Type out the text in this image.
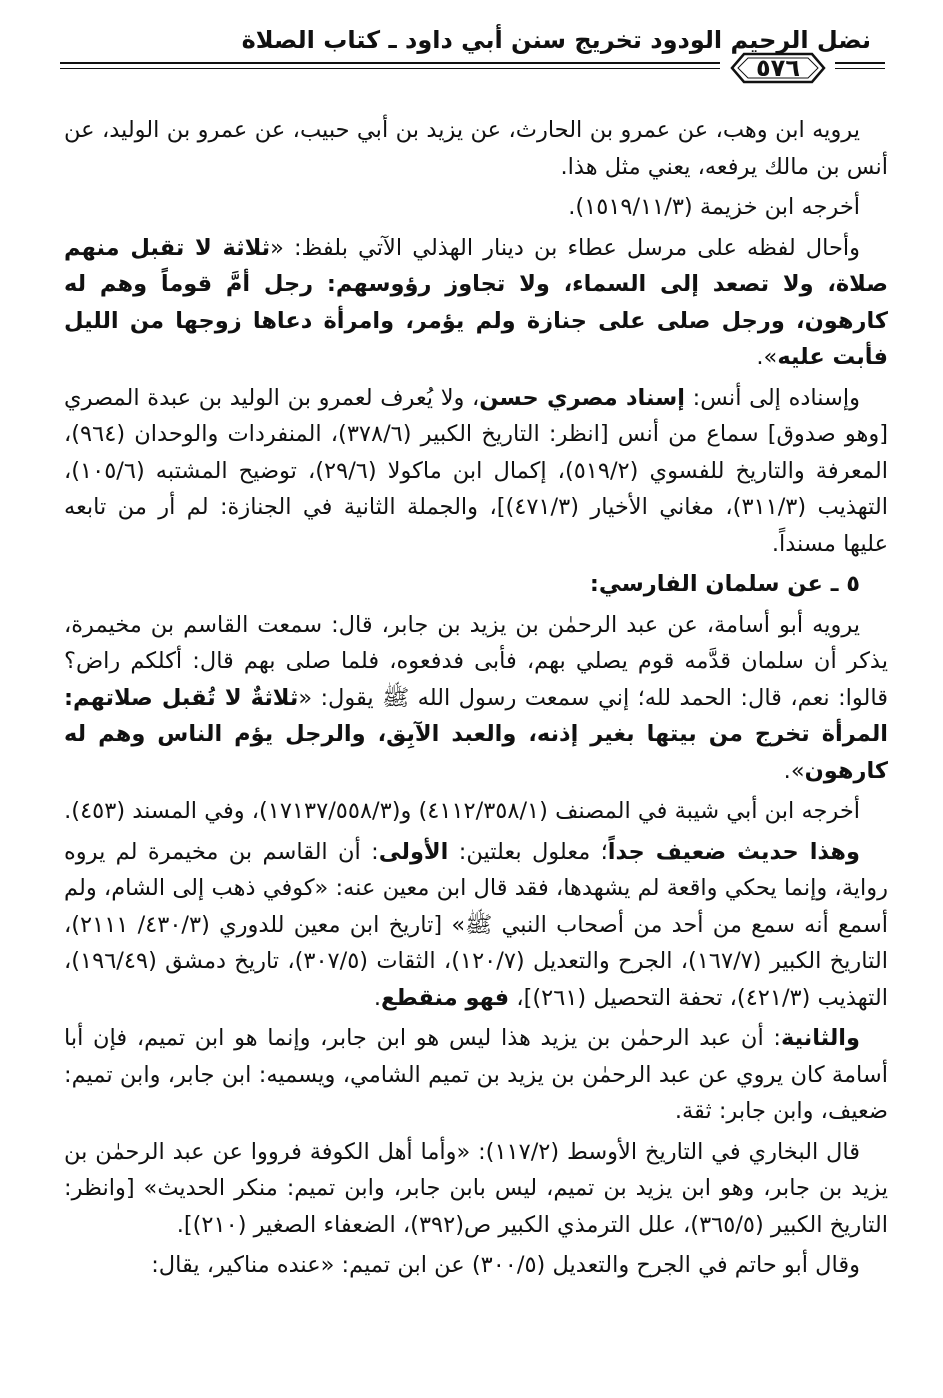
نضل الرحيم الودود تخريج سنن أبي داود ـ كتاب الصلاة
٥٧٦

يرويه ابن وهب، عن عمرو بن الحارث، عن يزيد بن أبي حبيب، عن عمرو بن الوليد، عن أنس بن مالك يرفعه، يعني مثل هذا.

أخرجه ابن خزيمة (١٥١٩/١١/٣).

وأحال لفظه على مرسل عطاء بن دينار الهذلي الآتي بلفظ: «ثلاثة لا تقبل منهم صلاة، ولا تصعد إلى السماء، ولا تجاوز رؤوسهم: رجل أمَّ قوماً وهم له كارهون، ورجل صلى على جنازة ولم يؤمر، وامرأة دعاها زوجها من الليل فأبت عليه».

وإسناده إلى أنس: إسناد مصري حسن، ولا يُعرف لعمرو بن الوليد بن عبدة المصري [وهو صدوق] سماع من أنس [انظر: التاريخ الكبير (٣٧٨/٦)، المنفردات والوحدان (٩٦٤)، المعرفة والتاريخ للفسوي (٥١٩/٢)، إكمال ابن ماكولا (٢٩/٦)، توضيح المشتبه (١٠٥/٦)، التهذيب (٣١١/٣)، مغاني الأخيار (٤٧١/٣)]، والجملة الثانية في الجنازة: لم أر من تابعه عليها مسنداً.

٥ ـ عن سلمان الفارسي:

يرويه أبو أسامة، عن عبد الرحمٰن بن يزيد بن جابر، قال: سمعت القاسم بن مخيمرة، يذكر أن سلمان قدَّمه قوم يصلي بهم، فأبى فدفعوه، فلما صلى بهم قال: أكلكم راض؟ قالوا: نعم، قال: الحمد لله؛ إني سمعت رسول الله ﷺ يقول: «ثلاثةٌ لا تُقبل صلاتهم: المرأة تخرج من بيتها بغير إذنه، والعبد الآبِق، والرجل يؤم الناس وهم له كارهون».

أخرجه ابن أبي شيبة في المصنف (٤١١٢/٣٥٨/١) و(١٧١٣٧/٥٥٨/٣)، وفي المسند (٤٥٣).

وهذا حديث ضعيف جداً؛ معلول بعلتين: الأولى: أن القاسم بن مخيمرة لم يروه رواية، وإنما يحكي واقعة لم يشهدها، فقد قال ابن معين عنه: «كوفي ذهب إلى الشام، ولم أسمع أنه سمع من أحد من أصحاب النبي ﷺ» [تاريخ ابن معين للدوري (٤٣٠/٣/ ٢١١١)، التاريخ الكبير (١٦٧/٧)، الجرح والتعديل (١٢٠/٧)، الثقات (٣٠٧/٥)، تاريخ دمشق (١٩٦/٤٩)، التهذيب (٤٢١/٣)، تحفة التحصيل (٢٦١)]، فهو منقطع.

والثانية: أن عبد الرحمٰن بن يزيد هذا ليس هو ابن جابر، وإنما هو ابن تميم، فإن أبا أسامة كان يروي عن عبد الرحمٰن بن يزيد بن تميم الشامي، ويسميه: ابن جابر، وابن تميم: ضعيف، وابن جابر: ثقة.

قال البخاري في التاريخ الأوسط (١١٧/٢): «وأما أهل الكوفة فرووا عن عبد الرحمٰن بن يزيد بن جابر، وهو ابن يزيد بن تميم، ليس بابن جابر، وابن تميم: منكر الحديث» [وانظر: التاريخ الكبير (٣٦٥/٥)، علل الترمذي الكبير ص(٣٩٢)، الضعفاء الصغير (٢١٠)].

وقال أبو حاتم في الجرح والتعديل (٣٠٠/٥) عن ابن تميم: «عنده مناكير، يقال:
